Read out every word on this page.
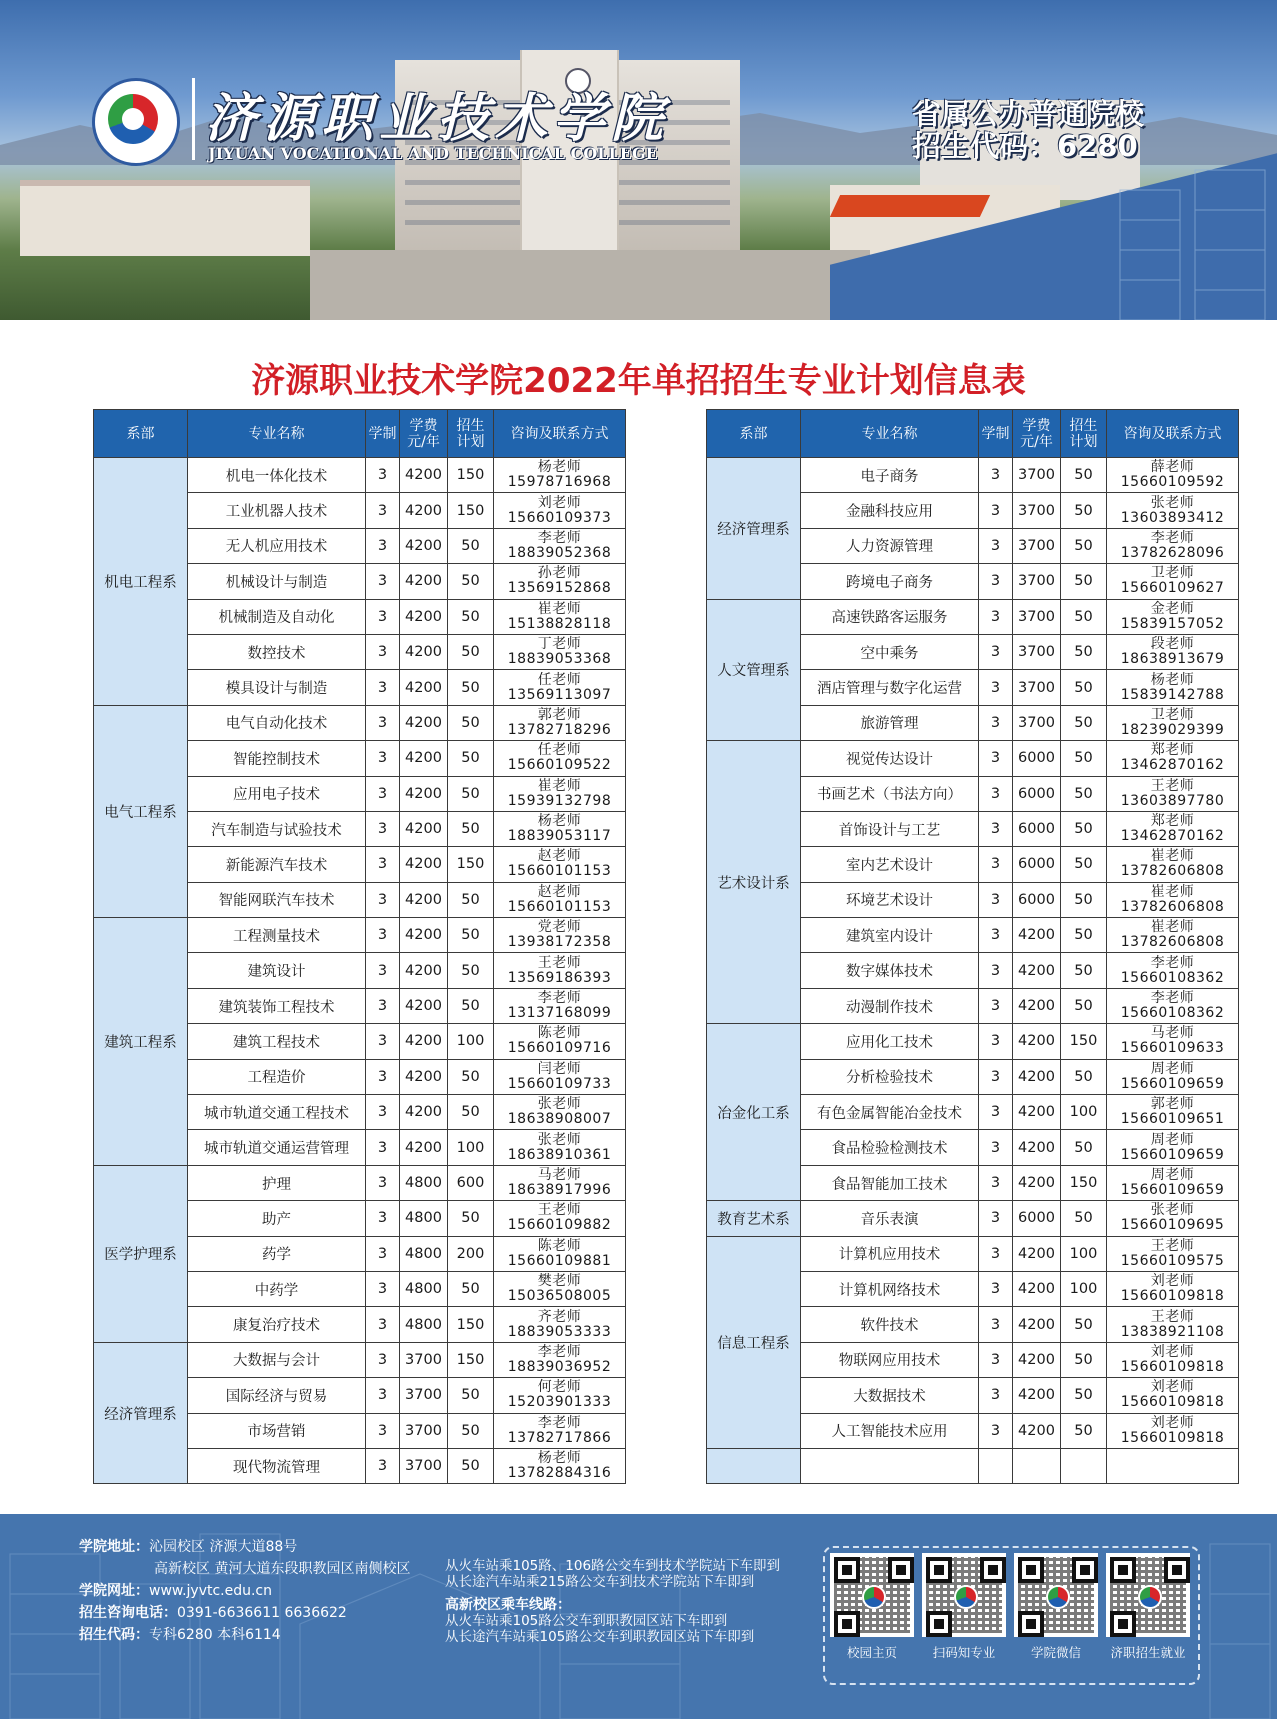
济源职业技术学院
JIYUAN VOCATIONAL AND TECHNICAL COLLEGE
省属公办普通院校
招生代码：6280
济源职业技术学院2022年单招招生专业计划信息表
系部	专业名称	学制	学费
元/年	招生
计划	咨询及联系方式
机电工程系	机电一体化技术	3	4200	150	杨老师
15978716968

	工业机器人技术	3	4200	150	刘老师
15660109373

	无人机应用技术	3	4200	50	李老师
18839052368

	机械设计与制造	3	4200	50	孙老师
13569152868

	机械制造及自动化	3	4200	50	崔老师
15138828118

	数控技术	3	4200	50	丁老师
18839053368

	模具设计与制造	3	4200	50	任老师
13569113097

电气工程系	电气自动化技术	3	4200	50	郭老师
13782718296

	智能控制技术	3	4200	50	任老师
15660109522

	应用电子技术	3	4200	50	崔老师
15939132798

	汽车制造与试验技术	3	4200	50	杨老师
18839053117

	新能源汽车技术	3	4200	150	赵老师
15660101153

	智能网联汽车技术	3	4200	50	赵老师
15660101153

建筑工程系	工程测量技术	3	4200	50	党老师
13938172358

	建筑设计	3	4200	50	王老师
13569186393

	建筑装饰工程技术	3	4200	50	李老师
13137168099

	建筑工程技术	3	4200	100	陈老师
15660109716

	工程造价	3	4200	50	闫老师
15660109733

	城市轨道交通工程技术	3	4200	50	张老师
18638908007

	城市轨道交通运营管理	3	4200	100	张老师
18638910361

医学护理系	护理	3	4800	600	马老师
18638917996

	助产	3	4800	50	王老师
15660109882

	药学	3	4800	200	陈老师
15660109881

	中药学	3	4800	50	樊老师
15036508005

	康复治疗技术	3	4800	150	齐老师
18839053333

经济管理系	大数据与会计	3	3700	150	李老师
18839036952

	国际经济与贸易	3	3700	50	何老师
15203901333

	市场营销	3	3700	50	李老师
13782717866

	现代物流管理	3	3700	50	杨老师
13782884316
系部	专业名称	学制	学费
元/年	招生
计划	咨询及联系方式
经济管理系	电子商务	3	3700	50	薛老师
15660109592

	金融科技应用	3	3700	50	张老师
13603893412

	人力资源管理	3	3700	50	李老师
13782628096

	跨境电子商务	3	3700	50	卫老师
15660109627

人文管理系	高速铁路客运服务	3	3700	50	金老师
15839157052

	空中乘务	3	3700	50	段老师
18638913679

	酒店管理与数字化运营	3	3700	50	杨老师
15839142788

	旅游管理	3	3700	50	卫老师
18239029399

艺术设计系	视觉传达设计	3	6000	50	郑老师
13462870162

	书画艺术（书法方向）	3	6000	50	王老师
13603897780

	首饰设计与工艺	3	6000	50	郑老师
13462870162

	室内艺术设计	3	6000	50	崔老师
13782606808

	环境艺术设计	3	6000	50	崔老师
13782606808

	建筑室内设计	3	4200	50	崔老师
13782606808

	数字媒体技术	3	4200	50	李老师
15660108362

	动漫制作技术	3	4200	50	李老师
15660108362

冶金化工系	应用化工技术	3	4200	150	马老师
15660109633

	分析检验技术	3	4200	50	周老师
15660109659

	有色金属智能冶金技术	3	4200	100	郭老师
15660109651

	食品检验检测技术	3	4200	50	周老师
15660109659

	食品智能加工技术	3	4200	150	周老师
15660109659

教育艺术系	音乐表演	3	6000	50	张老师
15660109695

信息工程系	计算机应用技术	3	4200	100	王老师
15660109575

	计算机网络技术	3	4200	100	刘老师
15660109818

	软件技术	3	4200	50	王老师
13838921108

	物联网应用技术	3	4200	50	刘老师
15660109818

	大数据技术	3	4200	50	刘老师
15660109818

	人工智能技术应用	3	4200	50	刘老师
15660109818

学院地址：沁园校区 济源大道88号
高新校区 黄河大道东段职教园区南侧校区
学院网址：www.jyvtc.edu.cn
招生咨询电话：0391-6636611 6636622
招生代码：专科6280 本科6114
从火车站乘105路、106路公交车到技术学院站下车即到
从长途汽车站乘215路公交车到技术学院站下车即到
高新校区乘车线路：
从火车站乘105路公交车到职教园区站下车即到
从长途汽车站乘105路公交车到职教园区站下车即到
校园主页	扫码知专业	学院微信	济职招生就业
